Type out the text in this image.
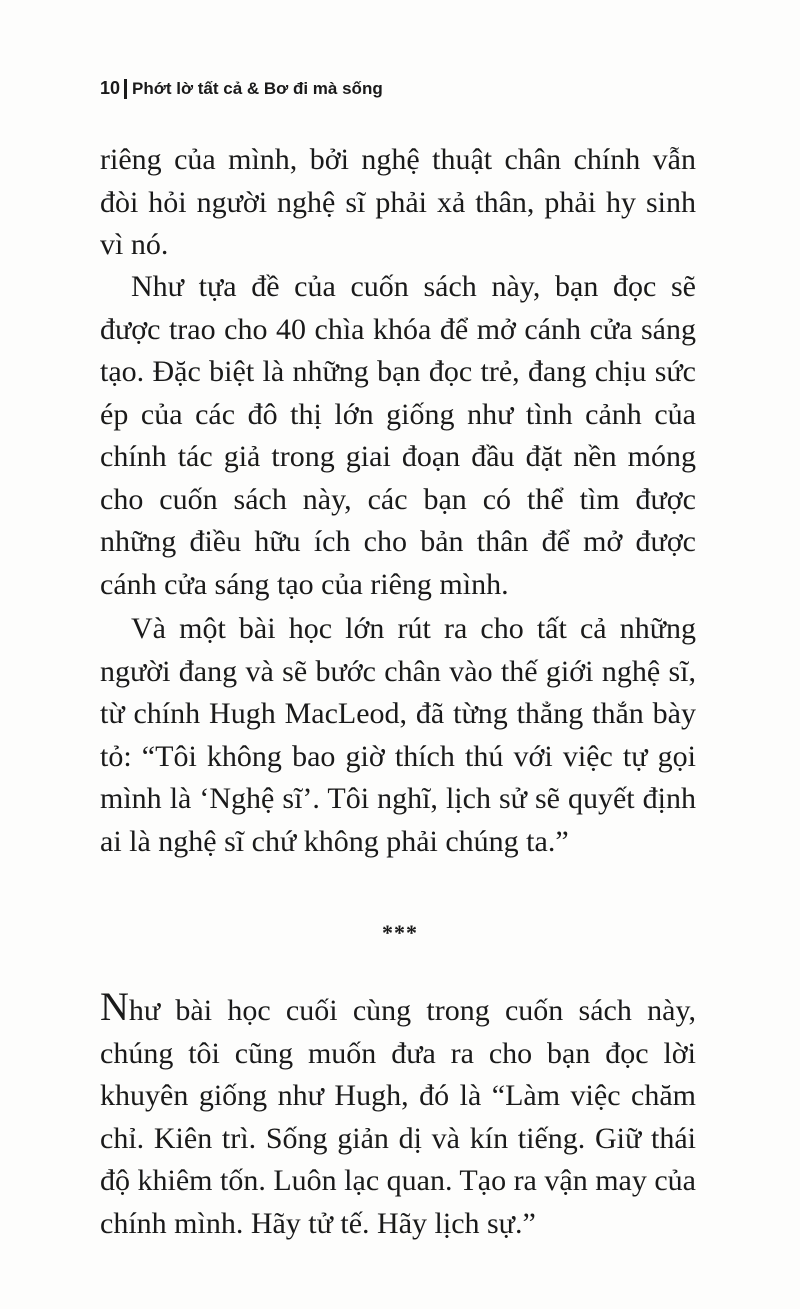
10 Phớt lờ tất cả & Bơ đi mà sống

riêng của mình, bởi nghệ thuật chân chính vẫn đòi hỏi người nghệ sĩ phải xả thân, phải hy sinh vì nó.

Như tựa đề của cuốn sách này, bạn đọc sẽ được trao cho 40 chìa khóa để mở cánh cửa sáng tạo. Đặc biệt là những bạn đọc trẻ, đang chịu sức ép của các đô thị lớn giống như tình cảnh của chính tác giả trong giai đoạn đầu đặt nền móng cho cuốn sách này, các bạn có thể tìm được những điều hữu ích cho bản thân để mở được cánh cửa sáng tạo của riêng mình.

Và một bài học lớn rút ra cho tất cả những người đang và sẽ bước chân vào thế giới nghệ sĩ, từ chính Hugh MacLeod, đã từng thẳng thắn bày tỏ: “Tôi không bao giờ thích thú với việc tự gọi mình là ‘Nghệ sĩ’. Tôi nghĩ, lịch sử sẽ quyết định ai là nghệ sĩ chứ không phải chúng ta.”

***

Như bài học cuối cùng trong cuốn sách này, chúng tôi cũng muốn đưa ra cho bạn đọc lời khuyên giống như Hugh, đó là “Làm việc chăm chỉ. Kiên trì. Sống giản dị và kín tiếng. Giữ thái độ khiêm tốn. Luôn lạc quan. Tạo ra vận may của chính mình. Hãy tử tế. Hãy lịch sự.”
